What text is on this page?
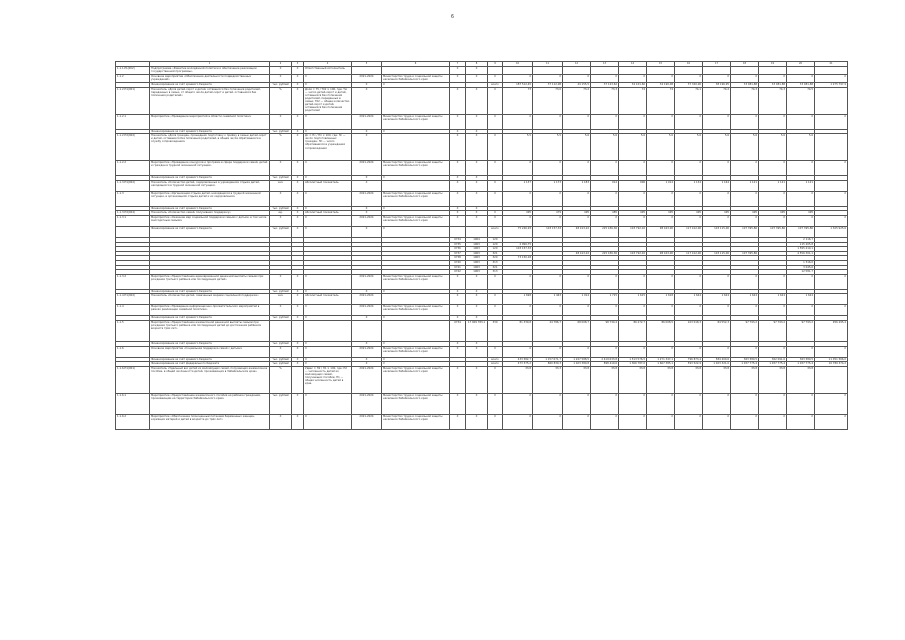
6
	1	2	3	4	5	6	7	8	9	10	11	12	13	14	15	16	17	18	19	20	21
1.1.1.P1(002)	Подпрограмма «Развитие молодёжной политики и обеспечение реализации государственной программы»	Х	Х	Ответственный исполнитель			Х	Х													
1.1.2	Основное мероприятие «Обеспечение деятельности подведомственных учреждений»	Х	Х	Х	2021-2024	Министерство труда и социальной защиты населения Забайкальского края	Х	Х	Х	Х	Х	Х	Х	Х	Х	Х	Х	Х	Х	Х	Х
	Финансирование за счёт краевого бюджета	тыс. рублей	Х	Х	Х	Х			всего	187 512,45	37 112,08	44 155,5	37 123,62	34 101,60	34 190,08	37 320,00	38 196,95	33 081,88	33 081,88	33 081,88	1 275 797,9
1.1.2.П1(001)	Показатель «Доля детей-сирот и детей, оставшихся без попечения родителей, переданных в семьи, от общего числа детей-сирот и детей, оставшихся без попечения родителей»	%	Х	Доля = 75 / Т02 × 100, где: Тм — число детей-сирот и детей, оставшихся без попечения родителей, переданных в семьи; Т02 — общее количество детей-сирот и детей, оставшихся без попечения родителей	Х		Х	Х	Х	73	73,0	73,2	73,3	74	74	74,1	74,2	74,3	74,3	74,5	
1.1.2.1	Мероприятие «Проведение мероприятий в области семейной политики»	Х	Х	Х	2021-2024	Министерство труда и социальной защиты населения Забайкальского края	Х	Х	Х	Х	Х	Х	Х	Х	Х	Х	Х	Х	Х	Х	Х
	Финансирование за счёт краевого бюджета	тыс. рублей	Х	Х	Х	Х	Х	Х													
1.1.2.П2(002)	Показатель «Доля граждан, прошедших подготовку к приёму в семью детей-сирот и детей, оставшихся без попечения родителей, в общем числе обратившихся в службу сопровождения»	%	Х	Дс = Пс / Пп × 100, где: Пс — число подготовленных граждан; Пп — число обратившихся в учреждения сопровождения	Х		Х	Х	Х	5,5	5,5	5,6	5,6	5,6	5,6	5,6	5,6	5,6	5,6	5,6	
1.1.2.2	Мероприятие «Проведение конкурсов и программ в сфере поддержки семей, детей и граждан в трудной жизненной ситуации»	Х	Х	Х	2021-2024	Министерство труда и социальной защиты населения Забайкальского края	Х	Х	Х	Х	Х	Х	Х	Х	Х	Х	Х	Х	Х	Х	Х
	Финансирование за счёт краевого бюджета	тыс. рублей	Х	Х	Х	Х	Х	Х													
1.1.3.П1(002)	Показатель «Количество детей, оздоровленных в учреждениях отдыха детей, находящихся в трудной жизненной ситуации»	чел.	Х	Абсолютный показатель	Х		Х	Х	Х	1 137	1 173	1 183	914	906	1 014	1 134	1 164	1 121	1 121	1 121	
1.1.3	Мероприятие «Организация отдыха детей, находящихся в трудной жизненной ситуации, в организациях отдыха детей и их оздоровления»	Х	Х	Х	2021-2024	Министерство труда и социальной защиты населения Забайкальского края	Х	Х	Х	Х	Х	Х	Х	Х	Х	Х	Х	Х	Х	Х	Х
	Финансирование за счёт краевого бюджета	тыс. рублей	Х	Х	Х	Х	Х	Х													
1.1.3.П2(004)	Показатель «Количество семей, получивших поддержку»	ед.	Х	Абсолютный показатель	Х		Х	Х	Х	495	479	495	485	495	495	495	495	495	495	495	
1.1.3.1	Мероприятие «Оказание мер социальной поддержки семьям с детьми, в том числе многодетным семьям»	Х	Х	Х	2021-2024	Министерство труда и социальной защиты населения Забайкальского края	Х	Х	Х	Х	Х	Х	Х	Х	Х	Х	Х	Х	Х	Х	Х
	Финансирование за счёт краевого бюджета	тыс. рублей	Х	Х	Х	Х			всего	75 246,93	103 157,33	48 413,22	225 436,36	103 792,02	98 423,00	117 412,00	103 115,00	107 395,86	107 395,86	107 395,86	1 325 925,6
							0734	1004	120											2 116,7	
							0735	1003	120	2 096,75										115 205,8	
							0736	1003	120	103 157,33										1 595 410,1	
							0737	1003	321			48 413,22	225 436,36	103 792,02	98 423,00	117 412,00	103 115,00	107 395,86		4 556 301,1	
							0738	1003	320	73 150,18											
							0740	1003	313											1 316,0	
							0741	1003	321											3 045,6	
							0742	1003	313											12 581,7	
1.1.3.2	Мероприятие «Предоставление единовременной денежной выплаты семьям при рождении третьего ребёнка или последующих детей»	Х	Х	Х	2021-2024	Министерство труда и социальной защиты населения Забайкальского края	Х	Х	Х	Х	Х	Х	Х	Х	Х	Х	Х	Х	Х	Х	Х
	Финансирование за счёт краевого бюджета	тыс. рублей	Х	Х	Х	Х	Х	Х													
1.1.4.П1(002)	Показатель «Количество детей, охваченных мерами социальной поддержки»	чел.	Х	Абсолютный показатель	2021-2024		Х	Х	Х	1 698	1 463	1 914	1 715	1 615	1 618	1 644	1 624	1 624	1 624	1 624	
1.1.4	Мероприятие «Проведение информационно-просветительских мероприятий в рамках реализации семейной политики»	Х	Х	Х	2021-2024	Министерство труда и социальной защиты населения Забайкальского края	Х	Х	Х	Х	Х	Х	Х	Х	Х	Х	Х	Х	Х	Х	Х
	Финансирование за счёт краевого бюджета	тыс. рублей	Х	Х	Х	Х	Х	Х													
1.1.5	Мероприятие «Предоставление ежемесячной денежной выплаты семьям при рождении третьего ребёнка или последующих детей до достижения ребёнком возраста трёх лет»						0734	17 009 783,1	330	81 339,8	44 786,7	68 008,7	98 730,4	86 472,7	86 008,5	103 018,3	84 552,3	97 793,2	97 793,2	97 793,2	956 295,4
	Финансирование за счёт краевого бюджета	тыс. рублей	Х	Х	Х	Х	Х	Х													
1.1.6	Основное мероприятие «Социальная поддержка семей с детьми»	Х	Х	Х	2021-2024	Министерство труда и социальной защиты населения Забайкальского края	Х	Х	Х	Х	Х	Х	Х	Х	Х	Х	Х	Х	Х	Х	Х
	Финансирование за счёт краевого бюджета	тыс. рублей	Х	Х	Х	Х			всего	433 582,7	1 157 671,7	1 247 588,5	2 419 633,8	1 513 576,5	1 271 347,1	796 873,4	584 200,6	363 580,5	362 091,6	363 580,5	11 051 566,0
	Финансирование за счёт федерального бюджета	тыс. рублей	Х	Х	Х	Х			всего	473 375,2	860 839,3	1 023 380,8	898 410,6	1 366 787,0	1 667 385,1	593 522,9	1 023 321,0	1 037 775,4	1 037 775,4	1 037 775,4	10 789 374,2
1.1.6.П1(001)	Показатель «Удельный вес детей из малоимущих семей, получающих ежемесячное пособие, в общей численности детей, проживающих в Забайкальском крае»	%		Удвес = Н2 / Н1 × 100, где: Н2 — численность детей из малоимущих семей, получающих пособие; Н1 — общая численность детей в крае	2021-2024	Министерство труда и социальной защиты населения Забайкальского края	Х	Х	Х	33,8	33,3	33,8	33,8	33,8	33,8	33,8	33,8	33,8	33,8	33,8	
1.1.6.1	Мероприятие «Предоставление ежемесячного пособия на ребёнка гражданам, проживающим на территории Забайкальского края»	тыс. рублей	Х	Х	2021-2024	Министерство труда и социальной защиты населения Забайкальского края	Х	Х	Х	Х	Х	Х	Х	Х	Х	Х	Х	Х	Х	Х	Х
1.1.6.2	Мероприятие «Обеспечение полноценным питанием беременных женщин, кормящих матерей и детей в возрасте до трёх лет»	Х	Х	Х	2021-2024	Министерство труда и социальной защиты населения Забайкальского края	Х	Х	Х	Х	Х	Х	Х	Х	Х	Х	Х	Х	Х	Х	Х
